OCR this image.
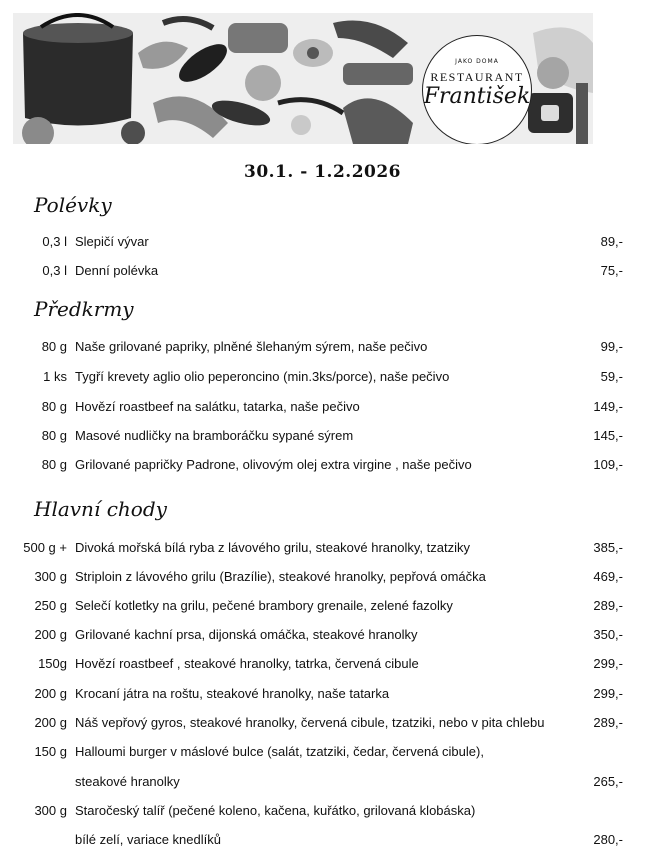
JAKO DOMA
RESTAURANT
František
30.1. - 1.2.2026
Polévky
0,3 l Slepičí vývar	89,-
0,3 l Denní polévka	75,-
Předkrmy
80 g Naše grilované papriky, plněné šlehaným sýrem, naše pečivo	99,-
1 ks Tygří krevety aglio olio peperoncino (min.3ks/porce), naše pečivo	59,-
80 g Hovězí roastbeef na salátku, tatarka, naše pečivo	149,-
80 g Masové nudličky na bramboráčku sypané sýrem	145,-
80 g Grilované papričky Padrone, olivovým olej extra virgine , naše pečivo	109,-
Hlavní chody
500 g + Divoká mořská bílá ryba z lávového grilu, steakové hranolky, tzatziky	385,-
300 g Striploin z lávového grilu (Brazílie), steakové hranolky, pepřová omáčka	469,-
250 g Selečí kotletky na grilu, pečené brambory grenaile, zelené fazolky	289,-
200 g Grilované kachní prsa, dijonská omáčka, steakové hranolky	350,-
150g Hovězí roastbeef , steakové hranolky, tatrka, červená cibule	299,-
200 g Krocaní játra na roštu, steakové hranolky, naše tatarka	299,-
200 g Náš vepřový gyros, steakové hranolky, červená cibule, tzatziki, nebo v pita chlebu	289,-
150 g Halloumi burger v máslové bulce (salát, tzatziki, čedar, červená cibule),
steakové hranolky	265,-
300 g Staročeský talíř (pečené koleno, kačena, kuřátko, grilovaná klobáska)
bílé zelí, variace knedlíků	280,-
